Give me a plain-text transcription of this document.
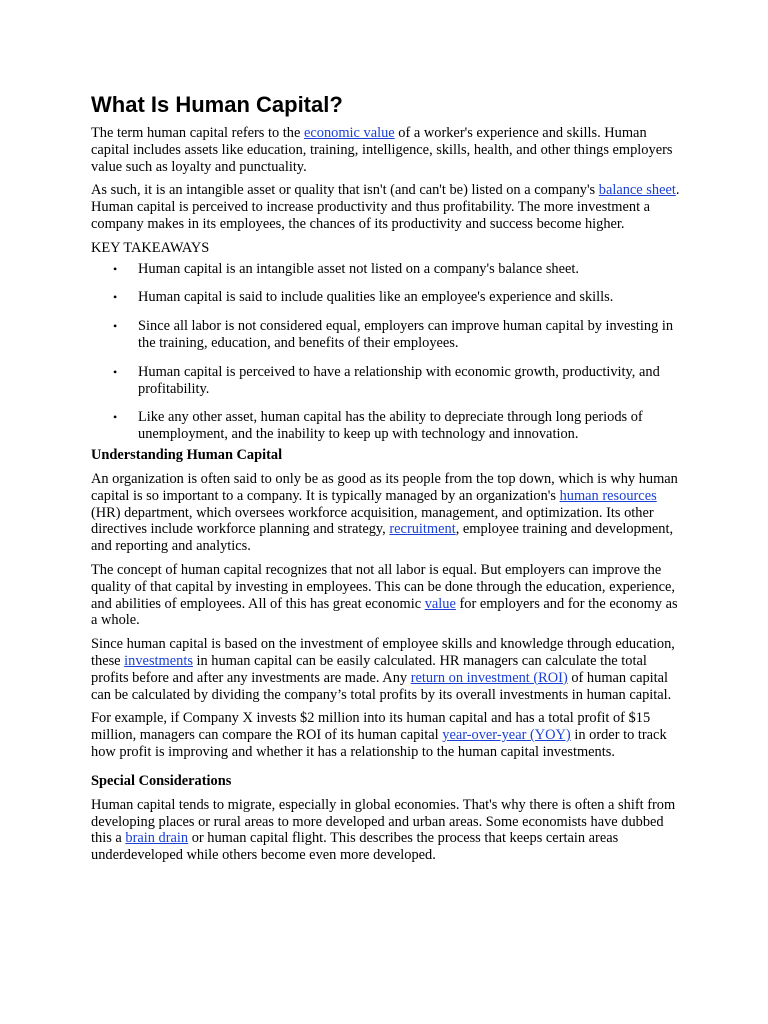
What Is Human Capital?

The term human capital refers to the economic value of a worker's experience and skills. Human capital includes assets like education, training, intelligence, skills, health, and other things employers value such as loyalty and punctuality.

As such, it is an intangible asset or quality that isn't (and can't be) listed on a company's balance sheet. Human capital is perceived to increase productivity and thus profitability. The more investment a company makes in its employees, the chances of its productivity and success become higher.

KEY TAKEAWAYS
• Human capital is an intangible asset not listed on a company's balance sheet.
• Human capital is said to include qualities like an employee's experience and skills.
• Since all labor is not considered equal, employers can improve human capital by investing in the training, education, and benefits of their employees.
• Human capital is perceived to have a relationship with economic growth, productivity, and profitability.
• Like any other asset, human capital has the ability to depreciate through long periods of unemployment, and the inability to keep up with technology and innovation.
Understanding Human Capital

An organization is often said to only be as good as its people from the top down, which is why human capital is so important to a company. It is typically managed by an organization's human resources (HR) department, which oversees workforce acquisition, management, and optimization. Its other directives include workforce planning and strategy, recruitment, employee training and development, and reporting and analytics.

The concept of human capital recognizes that not all labor is equal. But employers can improve the quality of that capital by investing in employees. This can be done through the education, experience, and abilities of employees. All of this has great economic value for employers and for the economy as a whole.

Since human capital is based on the investment of employee skills and knowledge through education, these investments in human capital can be easily calculated. HR managers can calculate the total profits before and after any investments are made. Any return on investment (ROI) of human capital can be calculated by dividing the company’s total profits by its overall investments in human capital.

For example, if Company X invests $2 million into its human capital and has a total profit of $15 million, managers can compare the ROI of its human capital year-over-year (YOY) in order to track how profit is improving and whether it has a relationship to the human capital investments.

Special Considerations

Human capital tends to migrate, especially in global economies. That's why there is often a shift from developing places or rural areas to more developed and urban areas. Some economists have dubbed this a brain drain or human capital flight. This describes the process that keeps certain areas underdeveloped while others become even more developed.
